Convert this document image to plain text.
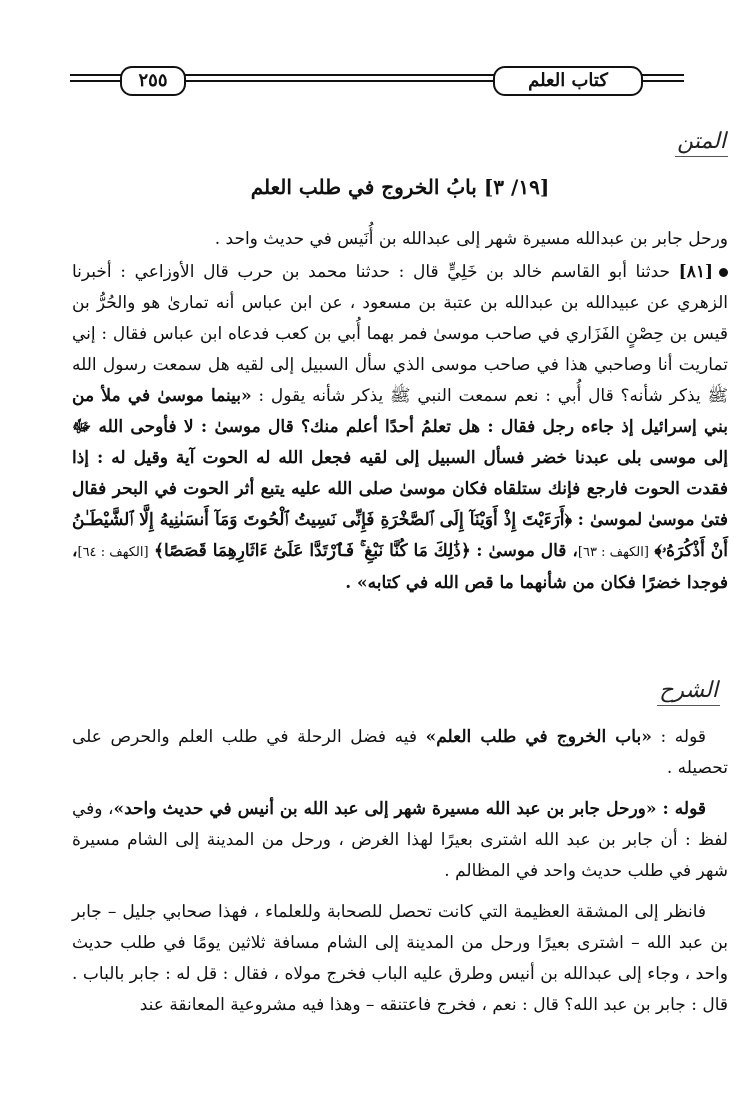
٢٥٥	كتاب العلم
المتن
[١٩/ ٣] بابُ الخروج في طلب العلم

ورحل جابر بن عبدالله مسيرة شهر إلى عبدالله بن أُنَيس في حديث واحد .

[٨١] حدثنا أبو القاسم خالد بن خَلِيٍّ قال : حدثنا محمد بن حرب قال الأوزاعي : أخبرنا الزهري عن عبيدالله بن عبدالله بن عتبة بن مسعود ، عن ابن عباس أنه تمارىٰ هو والحُرُّ بن قيس بن حِصْنٍ الفَزَاري في صاحب موسىٰ فمر بهما أُبي بن كعب فدعاه ابن عباس فقال : إني تماريت أنا وصاحبي هذا في صاحب موسى الذي سأل السبيل إلى لقيه هل سمعت رسول الله ﷺ يذكر شأنه؟ قال أُبي : نعم سمعت النبي ﷺ يذكر شأنه يقول : «بينما موسىٰ في ملأ من بني إسرائيل إذ جاءه رجل فقال : هل تعلمُ أحدًا أعلم منك؟ قال موسىٰ : لا فأوحى الله ﷻ إلى موسى بلى عبدنا خضر فسأل السبيل إلى لقيه فجعل الله له الحوت آية وقيل له : إذا فقدت الحوت فارجع فإنك ستلقاه فكان موسىٰ صلى الله عليه يتبع أثر الحوت في البحر فقال فتىٰ موسىٰ لموسىٰ : ﴿أَرَءَيْتَ إِذْ أَوَيْنَآ إِلَى ٱلصَّخْرَةِ فَإِنِّى نَسِيتُ ٱلْحُوتَ وَمَآ أَنسَىٰنِيهُ إِلَّا ٱلشَّيْطَـٰنُ أَنْ أَذْكُرَهُۥ﴾ [الكهف : ٦٣]، قال موسىٰ : ﴿ذَٰلِكَ مَا كُنَّا نَبْغِ ۚ فَٱرْتَدَّا عَلَىٰٓ ءَاثَارِهِمَا قَصَصًا﴾ [الكهف : ٦٤]، فوجدا خضرًا فكان من شأنهما ما قص الله في كتابه» .

الشرح

قوله : «باب الخروج في طلب العلم» فيه فضل الرحلة في طلب العلم والحرص على تحصيله .

قوله : «ورحل جابر بن عبد الله مسيرة شهر إلى عبد الله بن أنيس في حديث واحد»، وفي لفظ : أن جابر بن عبد الله اشترى بعيرًا لهذا الغرض ، ورحل من المدينة إلى الشام مسيرة شهر في طلب حديث واحد في المظالم .

فانظر إلى المشقة العظيمة التي كانت تحصل للصحابة وللعلماء ، فهذا صحابي جليل – جابر بن عبد الله – اشترى بعيرًا ورحل من المدينة إلى الشام مسافة ثلاثين يومًا في طلب حديث واحد ، وجاء إلى عبدالله بن أنيس وطرق عليه الباب فخرج مولاه ، فقال : قل له : جابر بالباب . قال : جابر بن عبد الله؟ قال : نعم ، فخرج فاعتنقه – وهذا فيه مشروعية المعانقة عند
